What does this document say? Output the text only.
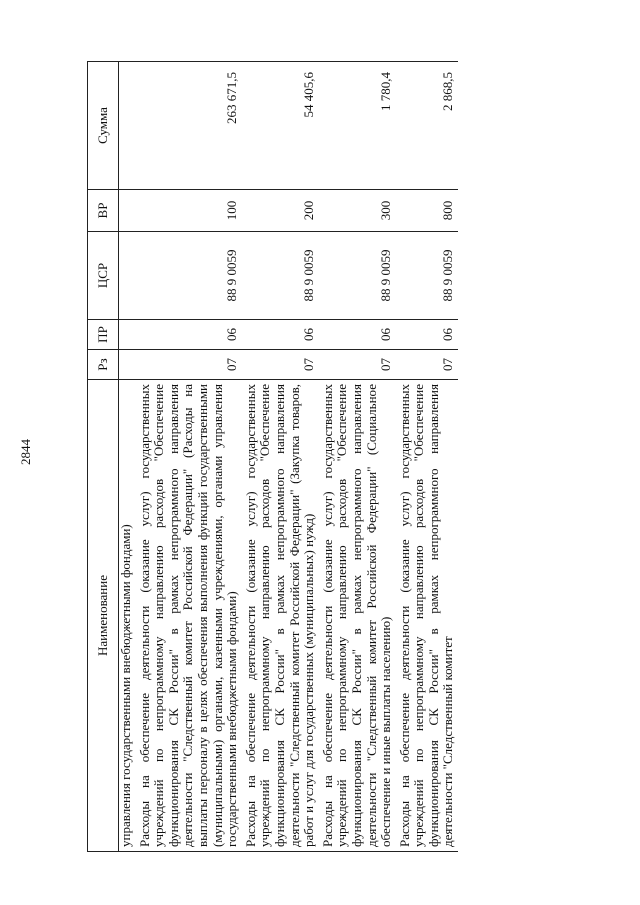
2844
Наименование	Рз	ПР	ЦСР	ВР	Сумма
управления государственными внебюджетными фондами)					
Расходы на обеспечение деятельности (оказание услуг) государственных учреждений по непрограммному направлению расходов "Обеспечение функционирования СК России" в рамках непрограммного направления деятельности "Следственный комитет Российской Федерации" (Расходы на выплаты персоналу в целях обеспечения выполнения функций государственными (муниципальными) органами, казенными учреждениями, органами управления государственными внебюджетными фондами)	07	06	88 9 0059	100	263 671,5
Расходы на обеспечение деятельности (оказание услуг) государственных учреждений по непрограммному направлению расходов "Обеспечение функционирования СК России" в рамках непрограммного направления деятельности "Следственный комитет Российской Федерации" (Закупка товаров, работ и услуг для государственных (муниципальных) нужд)	07	06	88 9 0059	200	54 405,6
Расходы на обеспечение деятельности (оказание услуг) государственных учреждений по непрограммному направлению расходов "Обеспечение функционирования СК России" в рамках непрограммного направления деятельности "Следственный комитет Российской Федерации" (Социальное обеспечение и иные выплаты населению)	07	06	88 9 0059	300	1 780,4
Расходы на обеспечение деятельности (оказание услуг) государственных учреждений по непрограммному направлению расходов "Обеспечение функционирования СК России" в рамках непрограммного направления деятельности "Следственный комитет	07	06	88 9 0059	800	2 868,5
